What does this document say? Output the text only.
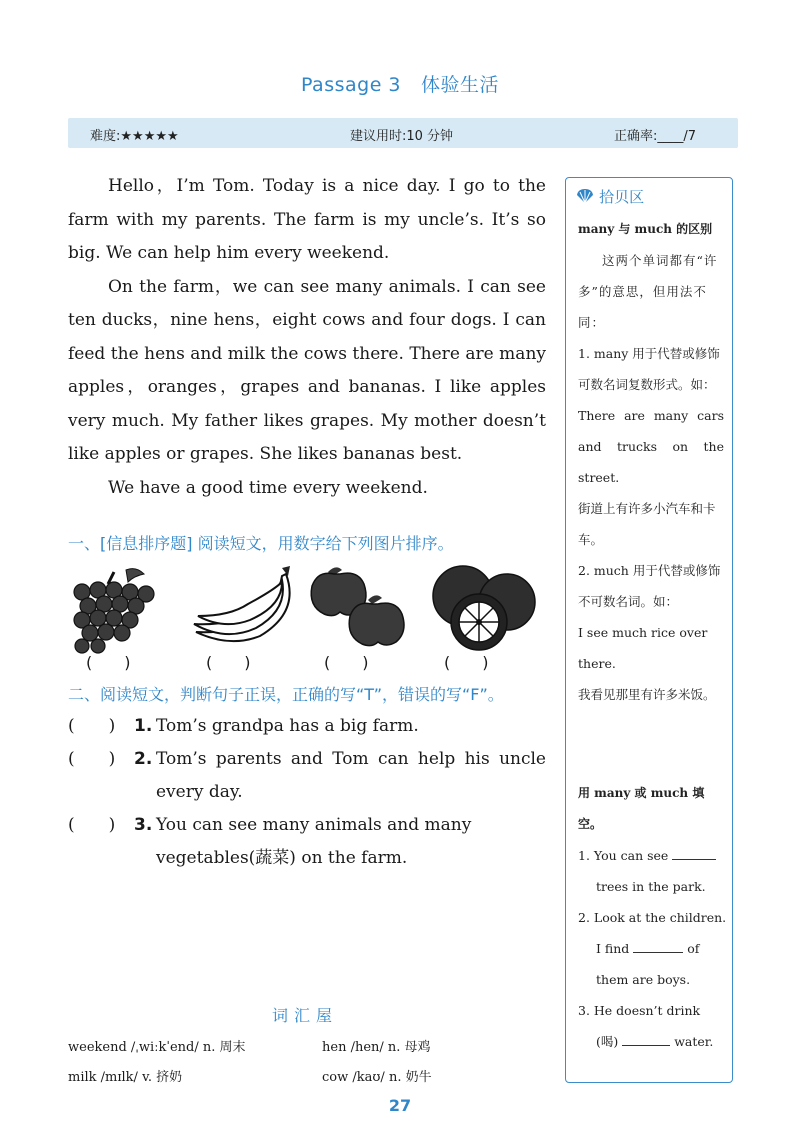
Passage 3 体验生活
难度:★★★★★	建议用时:10 分钟	正确率:____/7

Hello，I’m Tom. Today is a nice day. I go to the farm with my parents. The farm is my uncle’s. It’s so big. We can help him every weekend.

On the farm，we can see many animals. I can see ten ducks，nine hens，eight cows and four dogs. I can feed the hens and milk the cows there. There are many apples，oranges，grapes and bananas. I like apples very much. My father likes grapes. My mother doesn’t like apples or grapes. She likes bananas best.

We have a good time every weekend.

一、[信息排序题] 阅读短文，用数字给下列图片排序。
(　　)	(　　)	(　　)	(　　)
二、阅读短文，判断句子正误，正确的写“T”，错误的写“F”。
(　　) 1. Tom’s grandpa has a big farm.
(　　) 2. Tom’s parents and Tom can help his uncle every day.
(　　) 3. You can see many animals and many vegetables(蔬菜) on the farm.
拾贝区
many 与 much 的区别
这两个单词都有“许多”的意思，但用法不同：
1. many 用于代替或修饰可数名词复数形式。如：
There are many cars and trucks on the street.
街道上有许多小汽车和卡车。
2. much 用于代替或修饰不可数名词。如：
I see much rice over there.
我看见那里有许多米饭。
用 many 或 much 填空。
1. You can see
trees in the park.
2. Look at the children.
I find	of
them are boys.
3. He doesn’t drink
(喝)	water.
词汇屋
weekend /ˌwiːkˈend/ n. 周末	hen /hen/ n. 母鸡
milk /mɪlk/ v. 挤奶	cow /kaʊ/ n. 奶牛
27
